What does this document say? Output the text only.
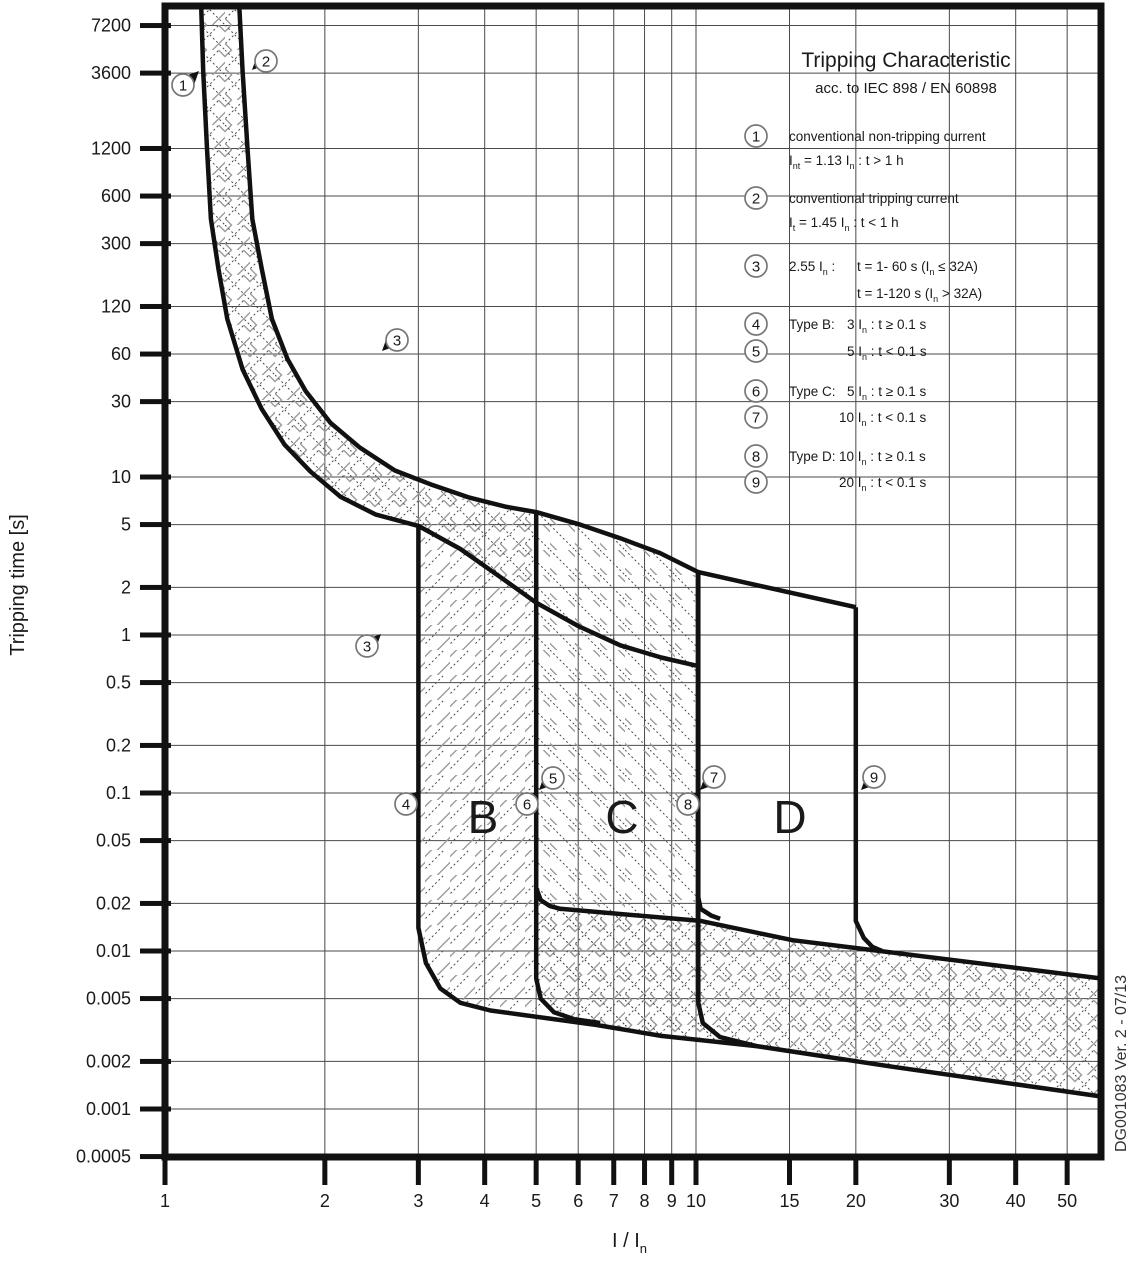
7200
3600
1200
600
300
120
60
30
10
5
2
1
0.5
0.2
0.1
0.05
0.02
0.01
0.005
0.002
0.001
0.0005
1	2	3	4 5 6 7 8 9 10	15	20	30	40 50
B C	D
1
2
3
3
4
5
6
7
8
9
1 conventional non-tripping current
$I_{nt} = 1.13$ $I_n$ : t > 1 h
2 conventional tripping current
$I_t = 1.45$ $I_n$ : t < 1 h
3 2.55 $I_n$ : t = 1- 60 s $(I_n \le 32A)$
t = 1-120 s $(I_n > 32A)$
4 Type B: 3 $I_n$ : t ≥ 0.1 s
5	5 $I_n$ : t < 0.1 s
6 Type C: 5 $I_n$ : t ≥ 0.1 s
7	10 $I_n$ : t < 0.1 s
8 Type D: 10 $I_n$ : t ≥ 0.1 s
9	20 $I_n$ : t < 0.1 s
Tripping Characteristic
acc. to IEC 898 / EN 60898
Tripping time [s]
I / $I_n$
DG001083 Ver. 2 - 07/13
